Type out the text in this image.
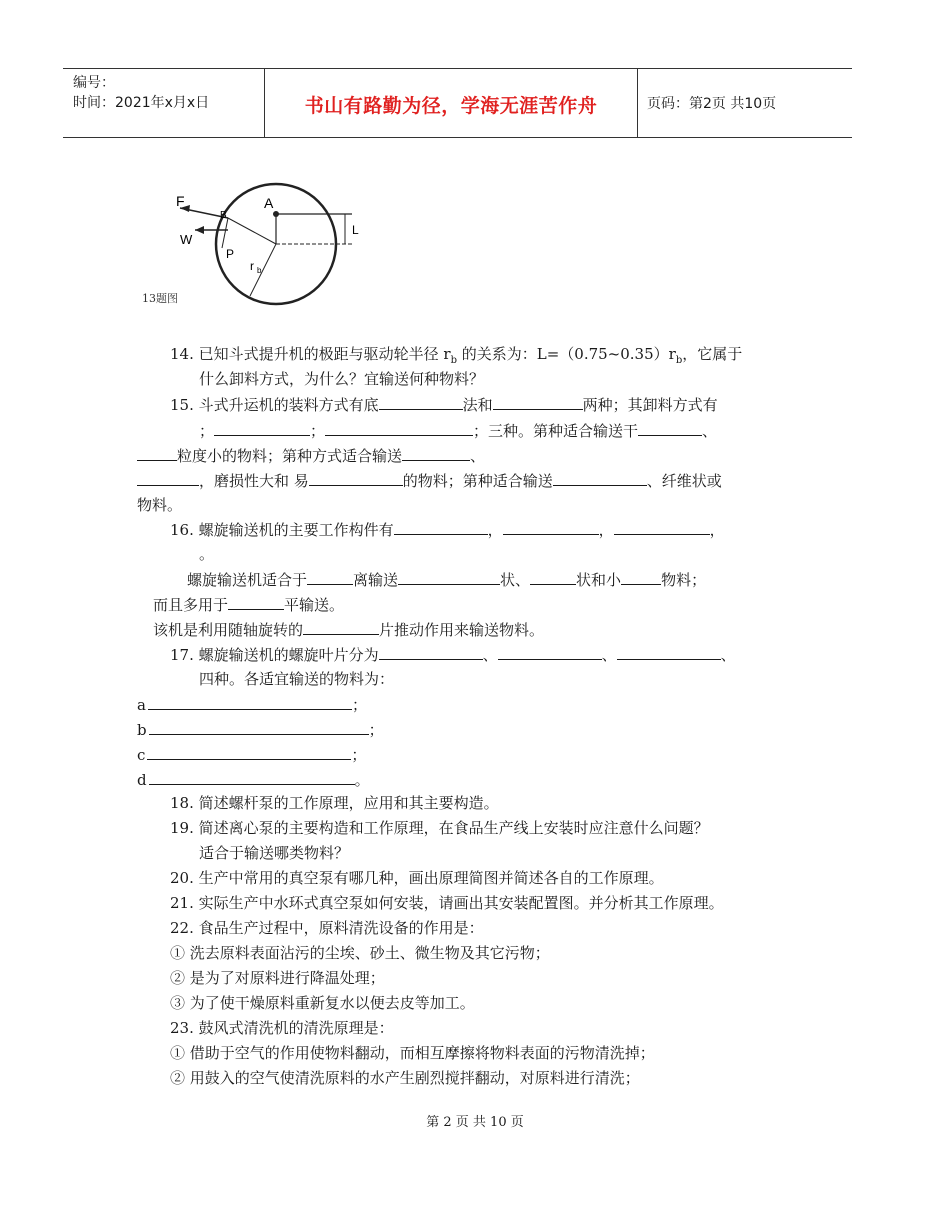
编号：
时间：2021年x月x日	书山有路勤为径，学海无涯苦作舟	页码：第2页 共10页
F
W
A
B
P
L
r b
13题图
14. 已知斗式提升机的极距与驱动轮半径 $r_b$ 的关系为：$L=(0.75\sim 0.35)r_b$，它属于
什么卸料方式，为什么？宜输送何种物料？
15. 斗式升运机的装料方式有底	法和	两种；其卸料方式有
；	；	；三种。第种适合输送干	、
粒度小的物料；第种方式适合输送	、
，磨损性大和 易	的物料；第种适合输送	、纤维状或
物料。
16. 螺旋输送机的主要工作构件有	，	，	，
。
螺旋输送机适合于	离输送	状、	状和小	物料；
而且多用于	平输送。
该机是利用随轴旋转的	片推动作用来输送物料。
17. 螺旋输送机的螺旋叶片分为	、	、	、
四种。各适宜输送的物料为：
a	；
b	；
c	；
d	。
18. 简述螺杆泵的工作原理，应用和其主要构造。
19. 简述离心泵的主要构造和工作原理，在食品生产线上安装时应注意什么问题？
适合于输送哪类物料？
20. 生产中常用的真空泵有哪几种，画出原理简图并简述各自的工作原理。
21. 实际生产中水环式真空泵如何安装，请画出其安装配置图。并分析其工作原理。
22. 食品生产过程中，原料清洗设备的作用是：
① 洗去原料表面沾污的尘埃、砂土、微生物及其它污物；
② 是为了对原料进行降温处理；
③ 为了使干燥原料重新复水以便去皮等加工。
23. 鼓风式清洗机的清洗原理是：
① 借助于空气的作用使物料翻动，而相互摩擦将物料表面的污物清洗掉；
② 用鼓入的空气使清洗原料的水产生剧烈搅拌翻动，对原料进行清洗；
第 2 页 共 10 页
